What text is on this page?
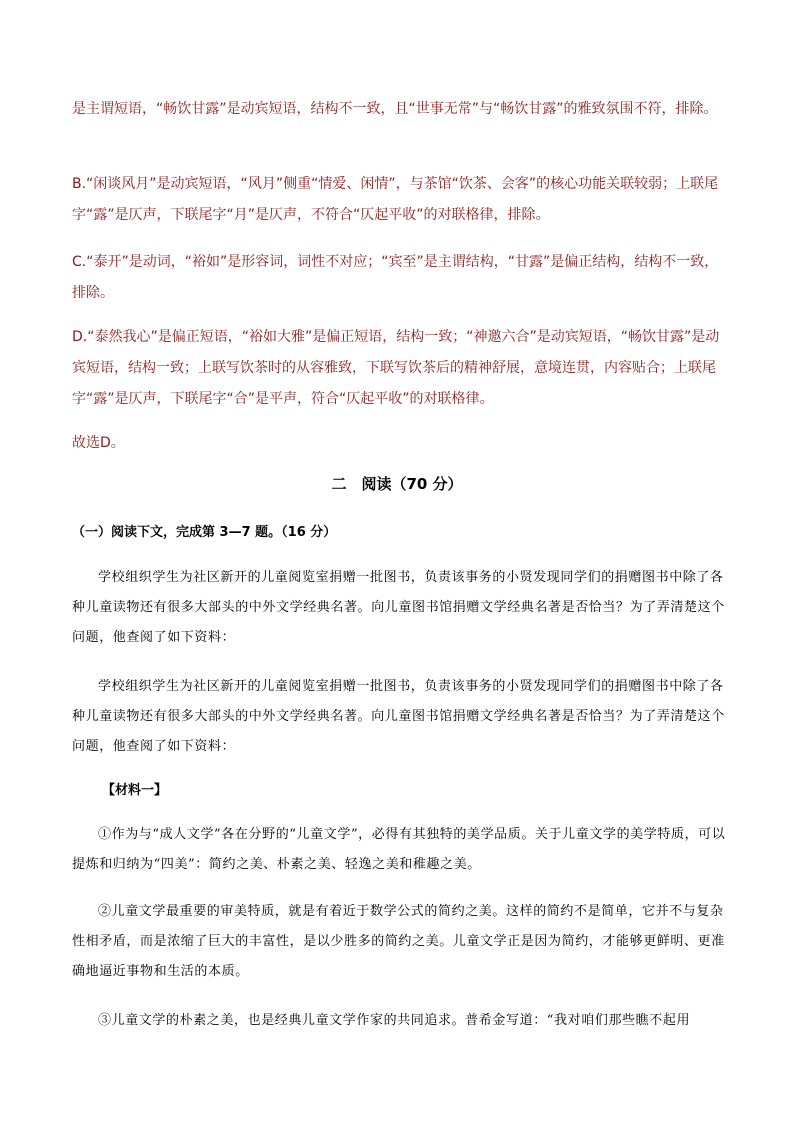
是主谓短语，“畅饮甘露”是动宾短语，结构不一致，且“世事无常”与“畅饮甘露”的雅致氛围不符，排除。

B.“闲谈风月”是动宾短语，“风月”侧重“情爱、闲情”，与茶馆“饮茶、会客”的核心功能关联较弱；上联尾字“露”是仄声，下联尾字“月”是仄声，不符合“仄起平收”的对联格律，排除。

C.“泰开”是动词，“裕如”是形容词，词性不对应；“宾至”是主谓结构，“甘露”是偏正结构，结构不一致，排除。

D.“泰然我心”是偏正短语，“裕如大雅”是偏正短语，结构一致；“神邀六合”是动宾短语，“畅饮甘露”是动宾短语，结构一致；上联写饮茶时的从容雅致，下联写饮茶后的精神舒展，意境连贯，内容贴合；上联尾字“露”是仄声，下联尾字“合”是平声，符合“仄起平收”的对联格律。

故选D。

二　阅读（70 分）
（一）阅读下文，完成第 3—7 题。（16 分）

学校组织学生为社区新开的儿童阅览室捐赠一批图书，负责该事务的小贤发现同学们的捐赠图书中除了各种儿童读物还有很多大部头的中外文学经典名著。向儿童图书馆捐赠文学经典名著是否恰当？为了弄清楚这个问题，他查阅了如下资料：

学校组织学生为社区新开的儿童阅览室捐赠一批图书，负责该事务的小贤发现同学们的捐赠图书中除了各种儿童读物还有很多大部头的中外文学经典名著。向儿童图书馆捐赠文学经典名著是否恰当？为了弄清楚这个问题，他查阅了如下资料：

【材料一】

①作为与“成人文学”各在分野的“儿童文学”，必得有其独特的美学品质。关于儿童文学的美学特质，可以提炼和归纳为“四美”：简约之美、朴素之美、轻逸之美和稚趣之美。

②儿童文学最重要的审美特质，就是有着近于数学公式的简约之美。这样的简约不是简单，它并不与复杂性相矛盾，而是浓缩了巨大的丰富性，是以少胜多的简约之美。儿童文学正是因为简约，才能够更鲜明、更准确地逼近事物和生活的本质。

③儿童文学的朴素之美，也是经典儿童文学作家的共同追求。普希金写道：“我对咱们那些瞧不起用
